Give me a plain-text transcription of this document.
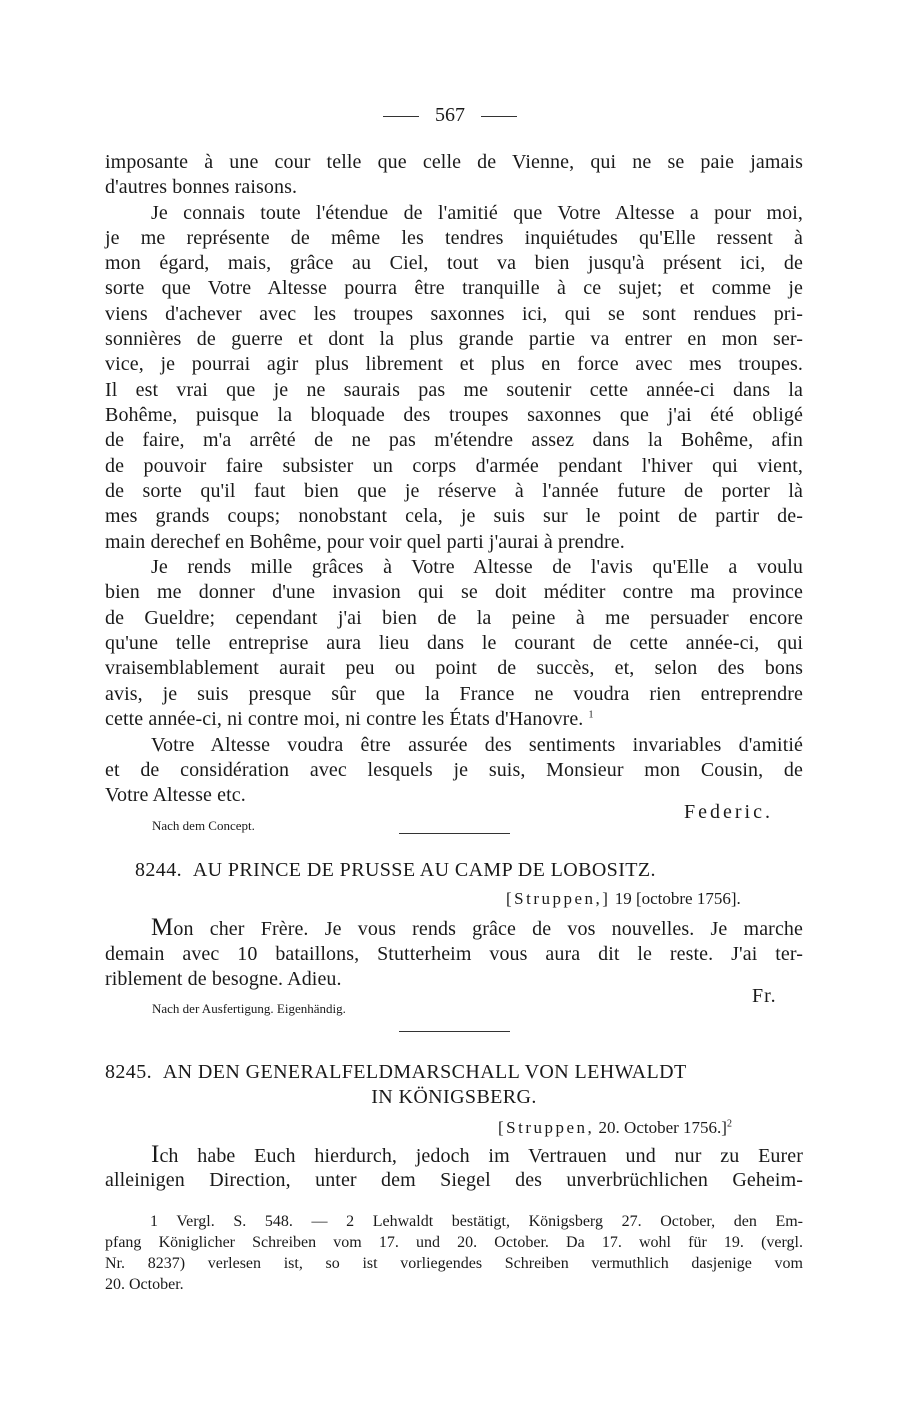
567
imposante à une cour telle que celle de Vienne, qui ne se paie jamais
d'autres bonnes raisons.
Je connais toute l'étendue de l'amitié que Votre Altesse a pour moi,
je me représente de même les tendres inquiétudes qu'Elle ressent à
mon égard, mais, grâce au Ciel, tout va bien jusqu'à présent ici, de
sorte que Votre Altesse pourra être tranquille à ce sujet; et comme je
viens d'achever avec les troupes saxonnes ici, qui se sont rendues pri-
sonnières de guerre et dont la plus grande partie va entrer en mon ser-
vice, je pourrai agir plus librement et plus en force avec mes troupes.
Il est vrai que je ne saurais pas me soutenir cette année-ci dans la
Bohême, puisque la bloquade des troupes saxonnes que j'ai été obligé
de faire, m'a arrêté de ne pas m'étendre assez dans la Bohême, afin
de pouvoir faire subsister un corps d'armée pendant l'hiver qui vient,
de sorte qu'il faut bien que je réserve à l'année future de porter là
mes grands coups; nonobstant cela, je suis sur le point de partir de-
main derechef en Bohême, pour voir quel parti j'aurai à prendre.
Je rends mille grâces à Votre Altesse de l'avis qu'Elle a voulu
bien me donner d'une invasion qui se doit méditer contre ma province
de Gueldre; cependant j'ai bien de la peine à me persuader encore
qu'une telle entreprise aura lieu dans le courant de cette année-ci, qui
vraisemblablement aurait peu ou point de succès, et, selon des bons
avis, je suis presque sûr que la France ne voudra rien entreprendre
cette année-ci, ni contre moi, ni contre les États d'Hanovre. $^1$
Votre Altesse voudra être assurée des sentiments invariables d'amitié
et de considération avec lesquels je suis, Monsieur mon Cousin, de
Votre Altesse etc.
Federic.
Nach dem Concept.
8244. AU PRINCE DE PRUSSE AU CAMP DE LOBOSITZ.
[Struppen,] 19 [octobre 1756].
Mon cher Frère. Je vous rends grâce de vos nouvelles. Je marche
demain avec 10 bataillons, Stutterheim vous aura dit le reste. J'ai ter-
riblement de besogne. Adieu.
Fr.
Nach der Ausfertigung. Eigenhändig.
8245. AN DEN GENERALFELDMARSCHALL VON LEHWALDT
IN KÖNIGSBERG.
[Struppen, 20. October 1756.]$^2$
Ich habe Euch hierdurch, jedoch im Vertrauen und nur zu Eurer
alleinigen Direction, unter dem Siegel des unverbrüchlichen Geheim-
1 Vergl. S. 548. — 2 Lehwaldt bestätigt, Königsberg 27. October, den Em-
pfang Königlicher Schreiben vom 17. und 20. October. Da 17. wohl für 19. (vergl.
Nr. 8237) verlesen ist, so ist vorliegendes Schreiben vermuthlich dasjenige vom
20. October.
